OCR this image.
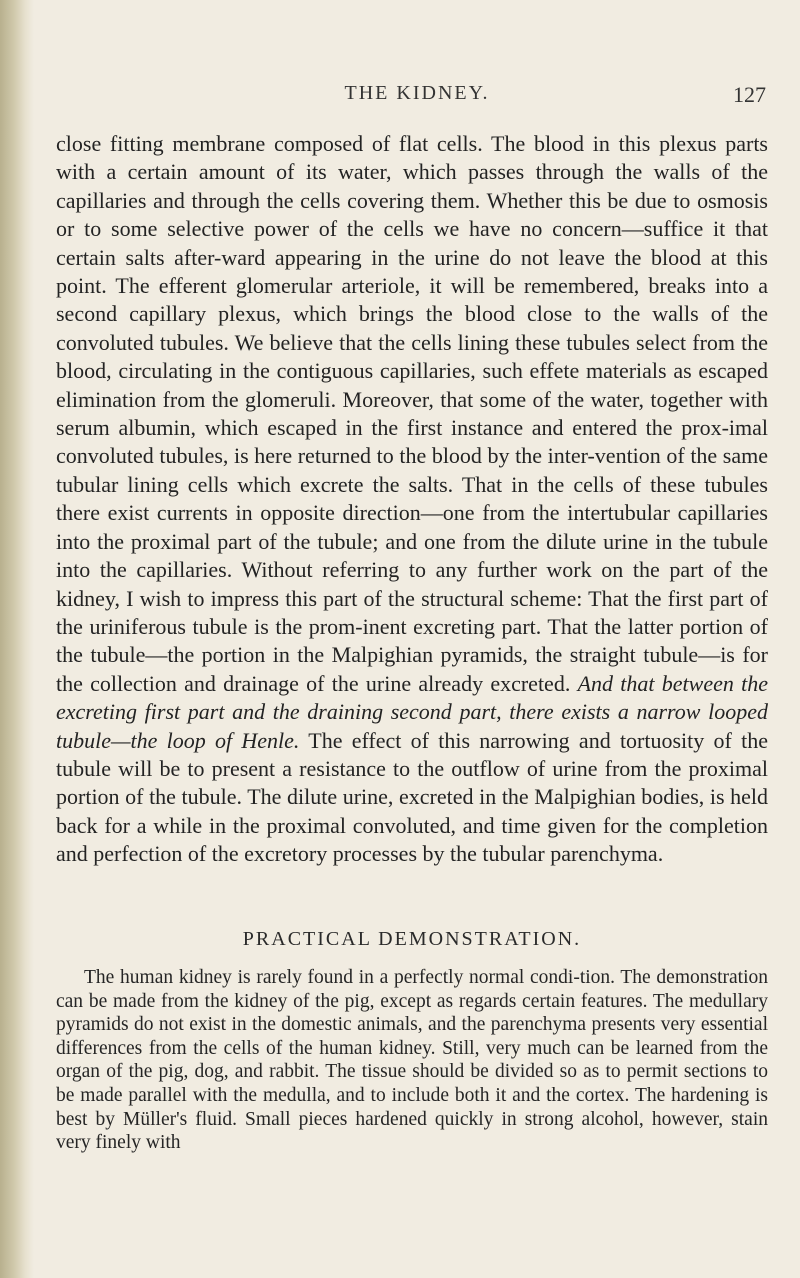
THE KIDNEY.	127

close fitting membrane composed of flat cells. The blood in this plexus parts with a certain amount of its water, which passes through the walls of the capillaries and through the cells covering them. Whether this be due to osmosis or to some selective power of the cells we have no concern—suffice it that certain salts after-ward appearing in the urine do not leave the blood at this point. The efferent glomerular arteriole, it will be remembered, breaks into a second capillary plexus, which brings the blood close to the walls of the convoluted tubules. We believe that the cells lining these tubules select from the blood, circulating in the contiguous capillaries, such effete materials as escaped elimination from the glomeruli. Moreover, that some of the water, together with serum albumin, which escaped in the first instance and entered the prox-imal convoluted tubules, is here returned to the blood by the inter-vention of the same tubular lining cells which excrete the salts. That in the cells of these tubules there exist currents in opposite direction—one from the intertubular capillaries into the proximal part of the tubule; and one from the dilute urine in the tubule into the capillaries. Without referring to any further work on the part of the kidney, I wish to impress this part of the structural scheme: That the first part of the uriniferous tubule is the prom-inent excreting part. That the latter portion of the tubule—the portion in the Malpighian pyramids, the straight tubule—is for the collection and drainage of the urine already excreted. And that between the excreting first part and the draining second part, there exists a narrow looped tubule—the loop of Henle. The effect of this narrowing and tortuosity of the tubule will be to present a resistance to the outflow of urine from the proximal portion of the tubule. The dilute urine, excreted in the Malpighian bodies, is held back for a while in the proximal convoluted, and time given for the completion and perfection of the excretory processes by the tubular parenchyma.

PRACTICAL DEMONSTRATION.

The human kidney is rarely found in a perfectly normal condi-tion. The demonstration can be made from the kidney of the pig, except as regards certain features. The medullary pyramids do not exist in the domestic animals, and the parenchyma presents very essential differences from the cells of the human kidney. Still, very much can be learned from the organ of the pig, dog, and rabbit. The tissue should be divided so as to permit sections to be made parallel with the medulla, and to include both it and the cortex. The hardening is best by Müller's fluid. Small pieces hardened quickly in strong alcohol, however, stain very finely with
